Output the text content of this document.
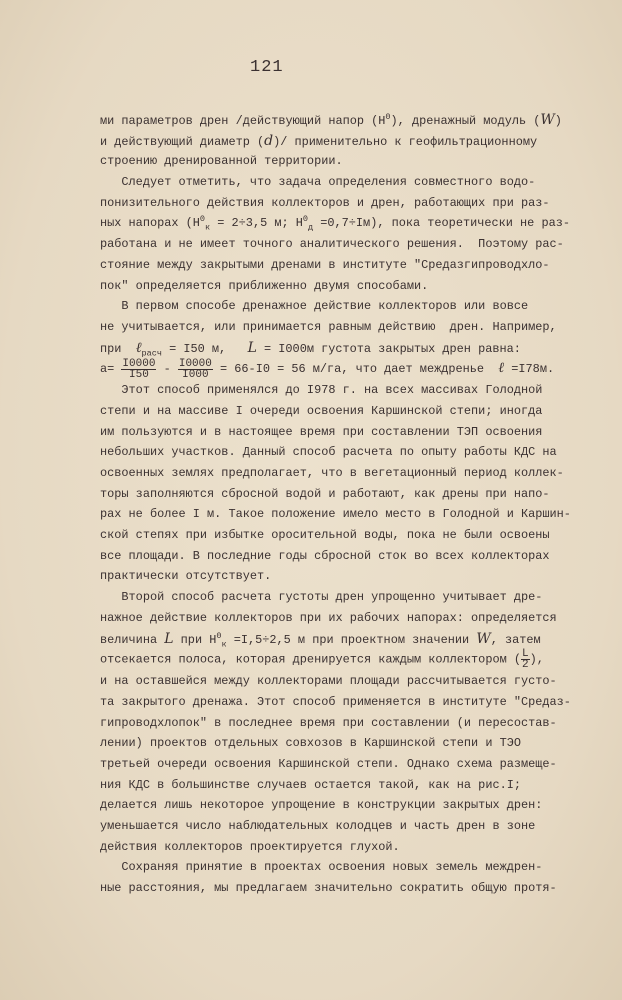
121
ми параметров дрен /действующий напор $(Н^0)$, дренажный модуль (W)
и действующий диаметр (d)/ применительно к геофильтрационному
строению дренированной территории.
Следует отметить, что задача определения совместного водо-
понизительного действия коллекторов и дрен, работающих при раз-
ных напорах ($Н^0_к = 2\div 3,5$ м; $Н^0_д =0,7\div Iм$), пока теоретически не раз-
работана и не имеет точного аналитического решения.  Поэтому рас-
стояние между закрытыми дренами в институте "Средазгипроводхло-
пок" определяется приближенно двумя способами.
В первом способе дренажное действие коллекторов или вовсе
не учитывается, или принимается равным действию  дрен. Например,
при  ℓ$_{расч}$ = I50 м,   L = I000м густота закрытых дрен равна:
$а= \frac{I0000}{I50} - \frac{I0000}{I000} = 66-I0 = 56$ м/га, что дает междренье  ℓ =I78м.
Этот способ применялся до I978 г. на всех массивах Голодной
степи и на массиве I очереди освоения Каршинской степи; иногда
им пользуются и в настоящее время при составлении ТЭП освоения
небольших участков. Данный способ расчета по опыту работы КДС на
освоенных землях предполагает, что в вегетационный период коллек-
торы заполняются сбросной водой и работают, как дрены при напо-
рах не более I м. Такое положение имело место в Голодной и Каршин-
ской степях при избытке оросительной воды, пока не были освоены
все площади. В последние годы сбросной сток во всех коллекторах
практически отсутствует.
Второй способ расчета густоты дрен упрощенно учитывает дре-
нажное действие коллекторов при их рабочих напорах: определяется
величина L при $Н^0_к =I,5\div 2,5$ м при проектном значении W, затем
отсекается полоса, которая дренируется каждым коллектором ( $\frac{L}{2}$ ),
и на оставшейся между коллекторами площади рассчитывается густо-
та закрытого дренажа. Этот способ применяется в институте "Средаз-
гипроводхлопок" в последнее время при составлении (и пересостав-
лении) проектов отдельных совхозов в Каршинской степи и ТЭО
третьей очереди освоения Каршинской степи. Однако схема размеще-
ния КДС в большинстве случаев остается такой, как на рис.I;
делается лишь некоторое упрощение в конструкции закрытых дрен:
уменьшается число наблюдательных колодцев и часть дрен в зоне
действия коллекторов проектируется глухой.
Сохраняя принятие в проектах освоения новых земель междрен-
ные расстояния, мы предлагаем значительно сократить общую протя-
